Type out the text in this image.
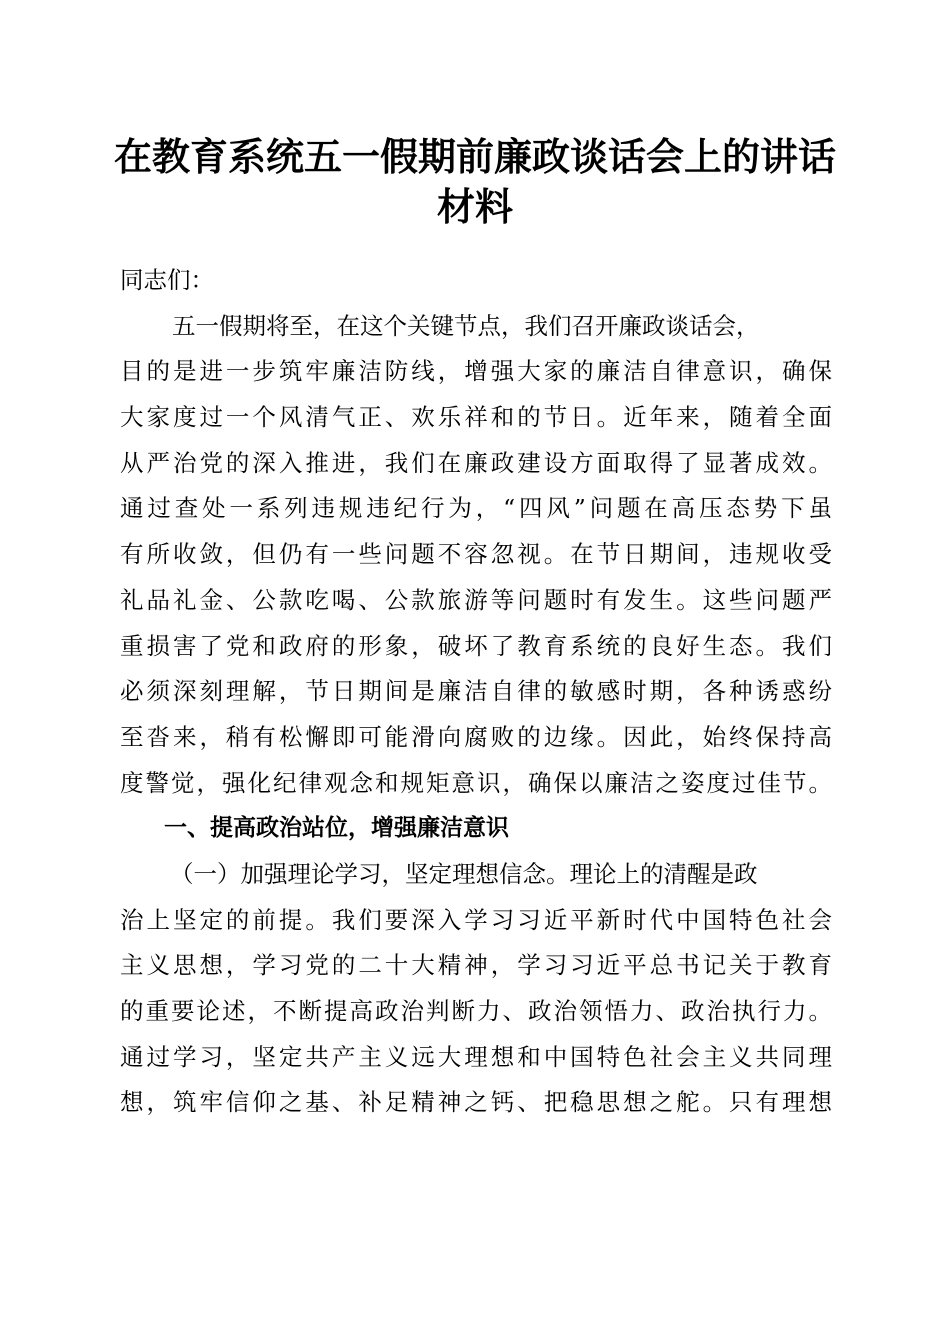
在教育系统五一假期前廉政谈话会上的讲话材料
同志们：
五一假期将至，在这个关键节点，我们召开廉政谈话会，
目的是进一步筑牢廉洁防线，增强大家的廉洁自律意识，确保
大家度过一个风清气正、欢乐祥和的节日。近年来，随着全面
从严治党的深入推进，我们在廉政建设方面取得了显著成效。
通过查处一系列违规违纪行为，“四风”问题在高压态势下虽
有所收敛，但仍有一些问题不容忽视。在节日期间，违规收受
礼品礼金、公款吃喝、公款旅游等问题时有发生。这些问题严
重损害了党和政府的形象，破坏了教育系统的良好生态。我们
必须深刻理解，节日期间是廉洁自律的敏感时期，各种诱惑纷
至沓来，稍有松懈即可能滑向腐败的边缘。因此，始终保持高
度警觉，强化纪律观念和规矩意识，确保以廉洁之姿度过佳节。
一、提高政治站位，增强廉洁意识
（一）加强理论学习，坚定理想信念。理论上的清醒是政
治上坚定的前提。我们要深入学习习近平新时代中国特色社会
主义思想，学习党的二十大精神，学习习近平总书记关于教育
的重要论述，不断提高政治判断力、政治领悟力、政治执行力。
通过学习，坚定共产主义远大理想和中国特色社会主义共同理
想，筑牢信仰之基、补足精神之钙、把稳思想之舵。只有理想
